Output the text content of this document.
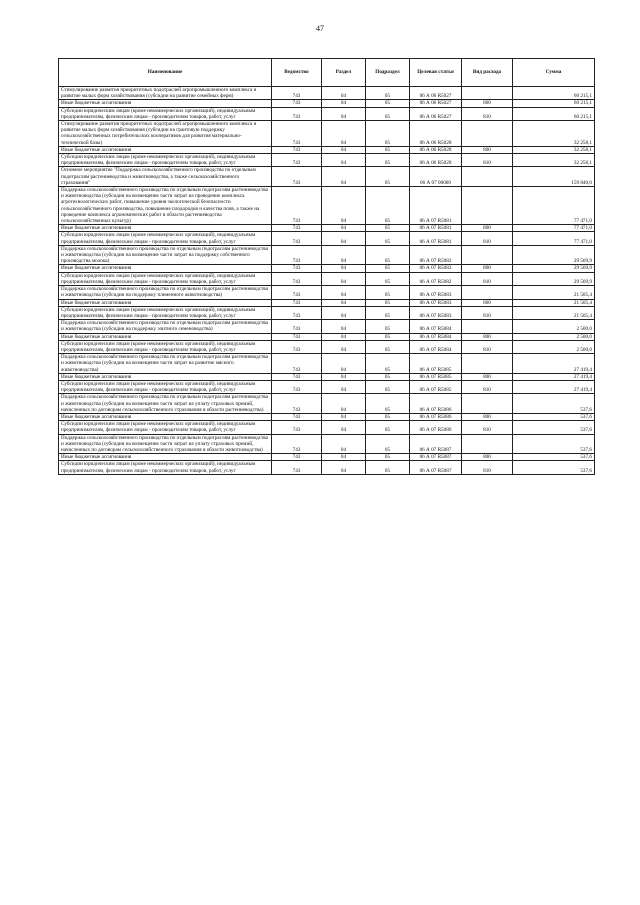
47
Наименование	Ведомство	Раздел	Подраздел	Целевая статья	Вид расхода	Сумма
Стимулирование развития приоритетных подотраслей агропромышленного комплекса и развитие малых форм хозяйствования (субсидии на развитие семейных ферм)	743	04	05	06 А 06 R5027		60 215,1
Иные бюджетные ассигнования	743	04	05	06 А 06 R5027	800	60 215,1
Субсидии юридическим лицам (кроме некоммерческих организаций), индивидуальным предпринимателям, физическим лицам - производителям товаров, работ, услуг	743	04	05	06 А 06 R5027	810	60 215,1
Стимулирование развития приоритетных подотраслей агропромышленного комплекса и развитие малых форм хозяйствования (субсидии на грантовую поддержку сельскохозяйственных потребительских кооперативов для развития материально-технической базы)	743	04	05	06 А 06 R5028		32 258,1
Иные бюджетные ассигнования	743	04	05	06 А 06 R5028	800	32 258,1
Субсидии юридическим лицам (кроме некоммерческих организаций), индивидуальным предпринимателям, физическим лицам - производителям товаров, работ, услуг	743	04	05	06 А 06 R5028	810	32 258,1
Основное мероприятие "Поддержка сельскохозяйственного производства по отдельным подотраслям растениеводства и животноводства, а также сельскохозяйственного страхования"	743	04	05	06 А 07 00000		159 840,0
Поддержка сельскохозяйственного производства по отдельным подотраслям растениеводства и животноводства (субсидии на возмещение части затрат на проведение комплекса агротехнологических работ, повышение уровня экологической безопасности сельскохозяйственного производства, повышение плодородия и качества почв, а также на проведение комплекса агрономических работ в области растениеводства сельскохозяйственных культур)	743	04	05	06 А 07 R5081		77 471,0
Иные бюджетные ассигнования	743	04	05	06 А 07 R5081	800	77 471,0
Субсидии юридическим лицам (кроме некоммерческих организаций), индивидуальным предпринимателям, физическим лицам - производителям товаров, работ, услуг	743	04	05	06 А 07 R5081	810	77 471,0
Поддержка сельскохозяйственного производства по отдельным подотраслям растениеводства и животноводства (субсидии на возмещение части затрат на поддержку собственного производства молока)	743	04	05	06 А 07 R5082		29 569,9
Иные бюджетные ассигнования	743	04	05	06 А 07 R5082	800	29 569,9
Субсидии юридическим лицам (кроме некоммерческих организаций), индивидуальным предпринимателям, физическим лицам - производителям товаров, работ, услуг	743	04	05	06 А 07 R5082	810	29 569,9
Поддержка сельскохозяйственного производства по отдельным подотраслям растениеводства и животноводства (субсидии на поддержку племенного животноводства)	743	04	05	06 А 07 R5083		21 505,4
Иные бюджетные ассигнования	743	04	05	06 А 07 R5083	800	21 505,4
Субсидии юридическим лицам (кроме некоммерческих организаций), индивидуальным предпринимателям, физическим лицам - производителям товаров, работ, услуг	743	04	05	06 А 07 R5083	810	21 505,4
Поддержка сельскохозяйственного производства по отдельным подотраслям растениеводства и животноводства (субсидии на поддержку элитного семеноводства)	743	04	05	06 А 07 R5084		2 500,0
Иные бюджетные ассигнования	743	04	05	06 А 07 R5084	800	2 500,0
Субсидии юридическим лицам (кроме некоммерческих организаций), индивидуальным предпринимателям, физическим лицам - производителям товаров, работ, услуг	743	04	05	06 А 07 R5084	810	2 500,0
Поддержка сельскохозяйственного производства по отдельным подотраслям растениеводства и животноводства (субсидии на возмещение части затрат на развитие мясного животноводства)	743	04	05	06 А 07 R5085		27 419,4
Иные бюджетные ассигнования	743	04	05	06 А 07 R5085	800	27 419,4
Субсидии юридическим лицам (кроме некоммерческих организаций), индивидуальным предпринимателям, физическим лицам - производителям товаров, работ, услуг	743	04	05	06 А 07 R5085	810	27 419,4
Поддержка сельскохозяйственного производства по отдельным подотраслям растениеводства и животноводства (субсидии на возмещение части затрат на уплату страховых премий, начисленных по договорам сельскохозяйственного страхования в области растениеводства)	743	04	05	06 А 07 R5086		537,6
Иные бюджетные ассигнования	743	04	05	06 А 07 R5086	800	537,6
Субсидии юридическим лицам (кроме некоммерческих организаций), индивидуальным предпринимателям, физическим лицам - производителям товаров, работ, услуг	743	04	05	06 А 07 R5086	810	537,6
Поддержка сельскохозяйственного производства по отдельным подотраслям растениеводства и животноводства (субсидии на возмещение части затрат на уплату страховых премий, начисленных по договорам сельскохозяйственного страхования в области животноводства)	743	04	05	06 А 07 R5087		537,6
Иные бюджетные ассигнования	743	04	05	06 А 07 R5087	800	537,6
Субсидии юридическим лицам (кроме некоммерческих организаций), индивидуальным предпринимателям, физическим лицам - производителям товаров, работ, услуг	743	04	05	06 А 07 R5087	810	537,6
